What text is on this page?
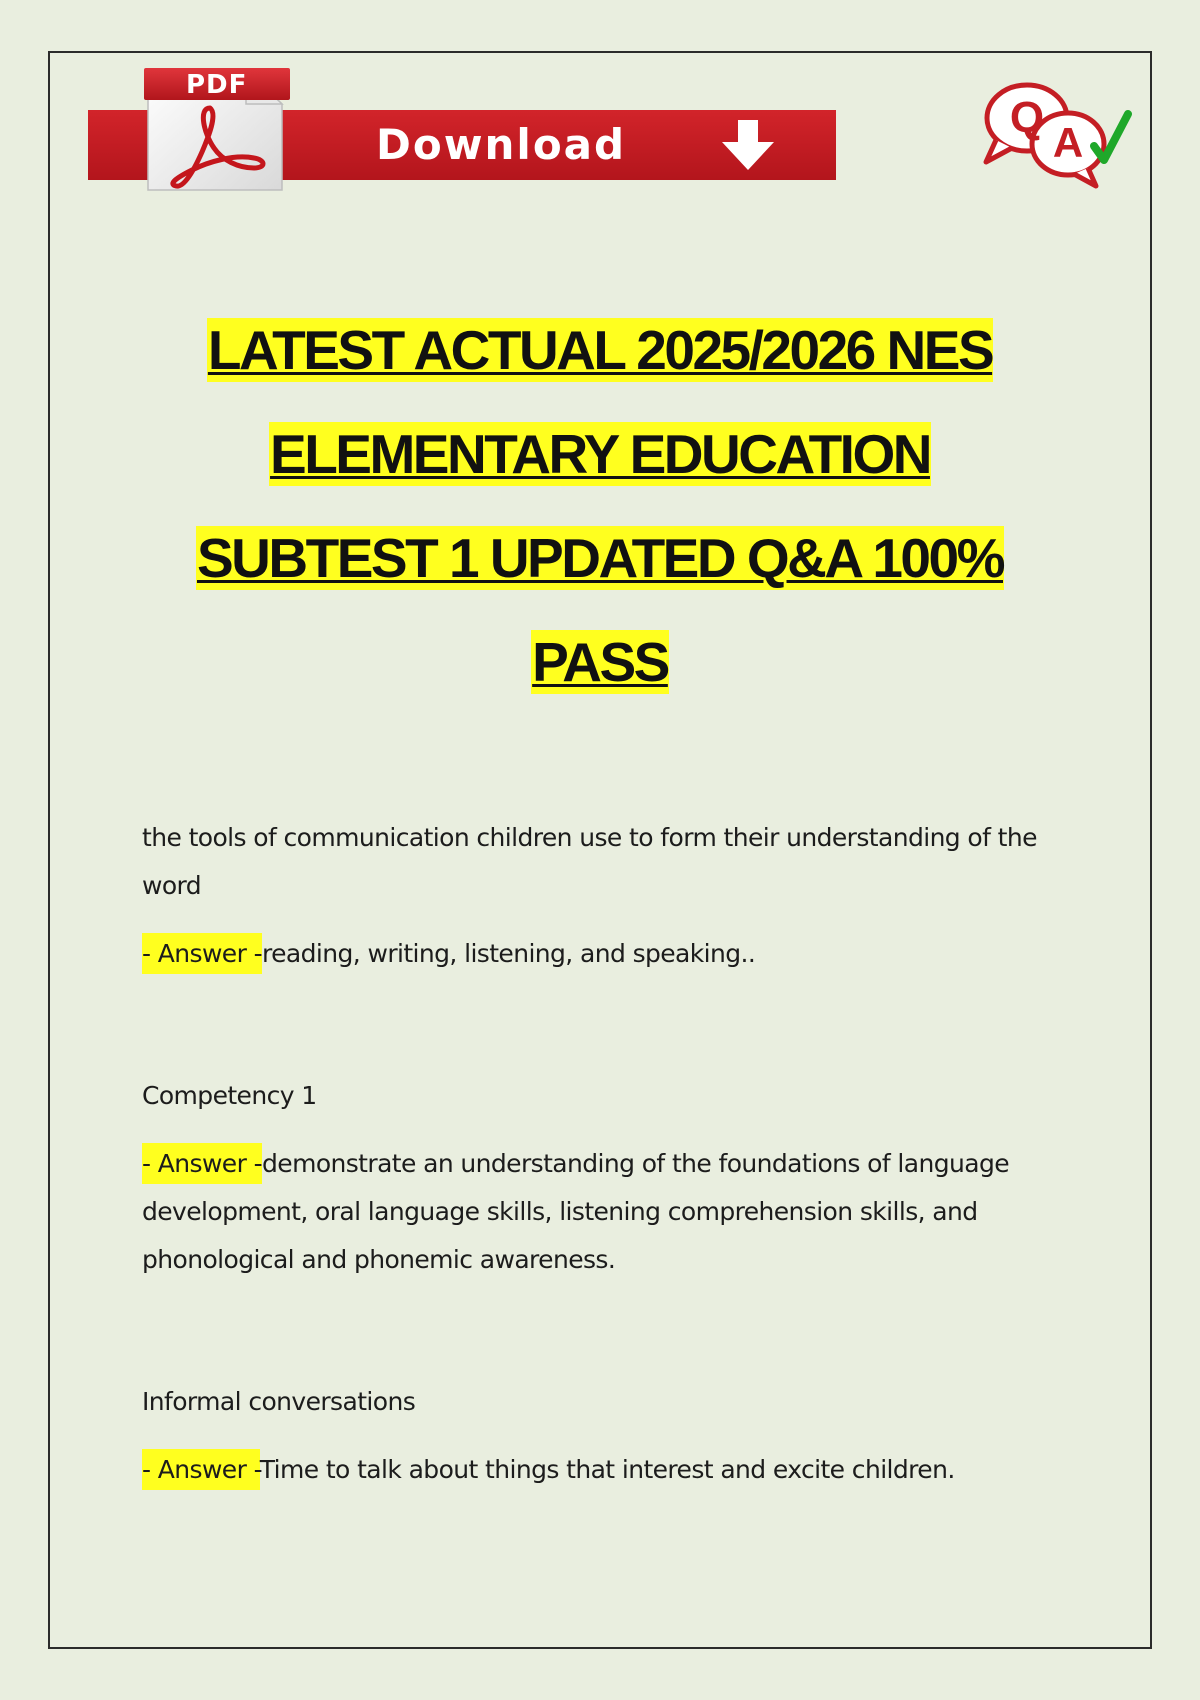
Download
PDF
Q
A
LATEST ACTUAL 2025/2026 NES
ELEMENTARY EDUCATION
SUBTEST 1 UPDATED Q&A 100%
PASS
the tools of communication children use to form their understanding of the word
- Answer -reading, writing, listening, and speaking..
Competency 1
- Answer -demonstrate an understanding of the foundations of language development, oral language skills, listening comprehension skills, and phonological and phonemic awareness.
Informal conversations
- Answer -Time to talk about things that interest and excite children.
